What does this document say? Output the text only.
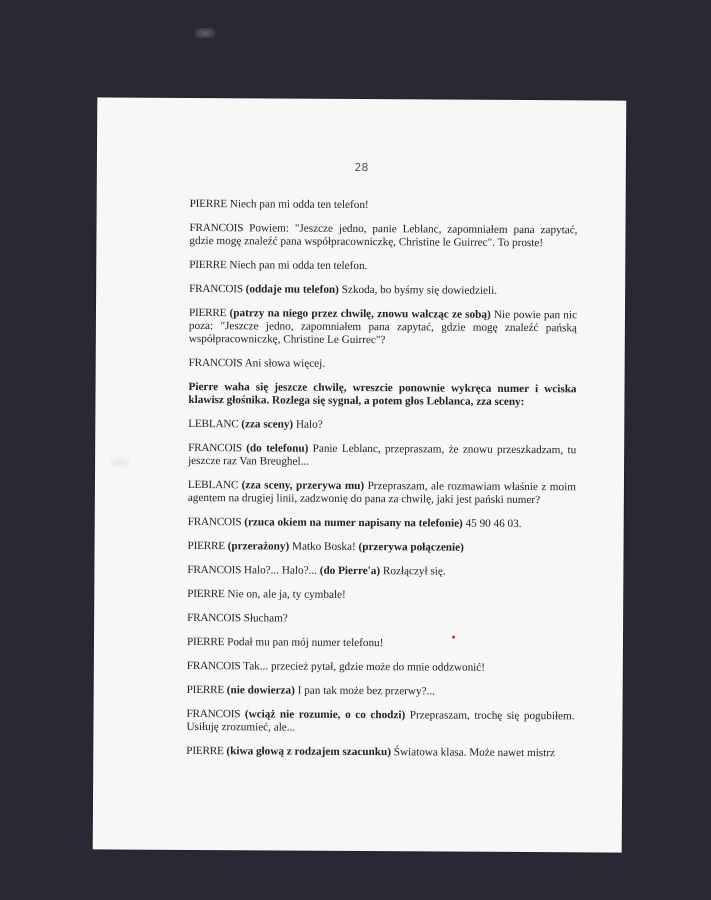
28

PIERRE Niech pan mi odda ten telefon!

FRANCOIS Powiem: "Jeszcze jedno, panie Leblanc, zapomniałem pana zapytać, gdzie mogę znaleźć pana współpracowniczkę, Christine le Guirrec". To proste!

PIERRE Niech pan mi odda ten telefon.

FRANCOIS (oddaje mu telefon) Szkoda, bo byśmy się dowiedzieli.

PIERRE (patrzy na niego przez chwilę, znowu walcząc ze sobą) Nie powie pan nic poza: "Jeszcze jedno, zapomniałem pana zapytać, gdzie mogę znaleźć pańską współpracowniczkę, Christine Le Guirrec"?

FRANCOIS Ani słowa więcej.

Pierre waha się jeszcze chwilę, wreszcie ponownie wykręca numer i wciska klawisz głośnika. Rozlega się sygnał, a potem głos Leblanca, zza sceny:

LEBLANC (zza sceny) Halo?

FRANCOIS (do telefonu) Panie Leblanc, przepraszam, że znowu przeszkadzam, tu jeszcze raz Van Breughel...

LEBLANC (zza sceny, przerywa mu) Przepraszam, ale rozmawiam właśnie z moim agentem na drugiej linii, zadzwonię do pana za chwilę, jaki jest pański numer?

FRANCOIS (rzuca okiem na numer napisany na telefonie) 45 90 46 03.

PIERRE (przerażony) Matko Boska! (przerywa połączenie)

FRANCOIS Halo?... Halo?... (do Pierre'a) Rozłączył się.

PIERRE Nie on, ale ja, ty cymbale!

FRANCOIS Słucham?

PIERRE Podał mu pan mój numer telefonu!

FRANCOIS Tak... przecież pytał, gdzie może do mnie oddzwonić!

PIERRE (nie dowierza) I pan tak może bez przerwy?...

FRANCOIS (wciąż nie rozumie, o co chodzi) Przepraszam, trochę się pogubiłem. Usiłuję zrozumieć, ale...

PIERRE (kiwa głową z rodzajem szacunku) Światowa klasa. Może nawet mistrz
